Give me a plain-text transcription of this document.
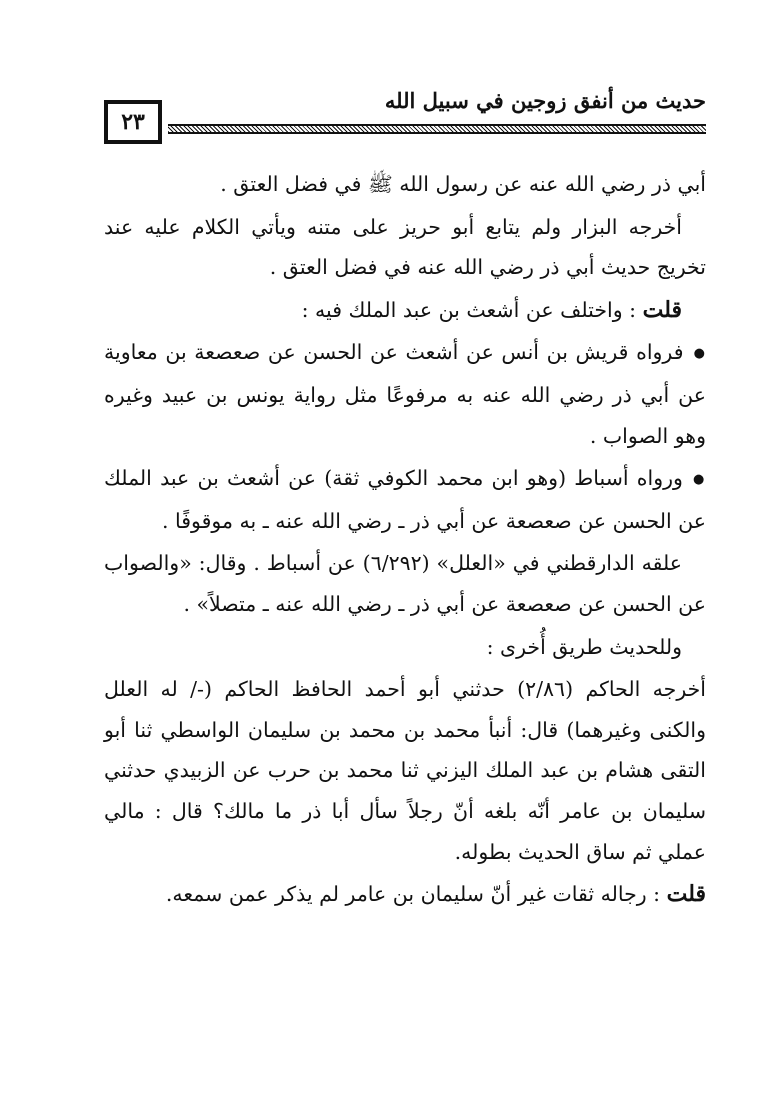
٢٣
حديث من أنفق زوجين في سبيل الله

أبي ذر رضي الله عنه عن رسول الله ﷺ في فضل العتق .

أخرجه البزار ولم يتابع أبو حريز على متنه ويأتي الكلام عليه عند تخريج حديث أبي ذر رضي الله عنه في فضل العتق .

قلت : واختلف عن أشعث بن عبد الملك فيه :

● فرواه قريش بن أنس عن أشعث عن الحسن عن صعصعة بن معاوية عن أبي ذر رضي الله عنه به مرفوعًا مثل رواية يونس بن عبيد وغيره وهو الصواب .

● ورواه أسباط (وهو ابن محمد الكوفي ثقة) عن أشعث بن عبد الملك عن الحسن عن صعصعة عن أبي ذر ـ رضي الله عنه ـ به موقوفًا .

علقه الدارقطني في «العلل» (٦/٢٩٢) عن أسباط . وقال: «والصواب عن الحسن عن صعصعة عن أبي ذر ـ رضي الله عنه ـ متصلاً» .

وللحديث طريق أُخرى :

أخرجه الحاكم (٢/٨٦) حدثني أبو أحمد الحافظ الحاكم (-/ له العلل والكنى وغيرهما) قال: أنبأ محمد بن محمد بن سليمان الواسطي ثنا أبو التقى هشام بن عبد الملك اليزني ثنا محمد بن حرب عن الزبيدي حدثني سليمان بن عامر أنّه بلغه أنّ رجلاً سأل أبا ذر ما مالك؟ قال : مالي عملي ثم ساق الحديث بطوله.

قلت : رجاله ثقات غير أنّ سليمان بن عامر لم يذكر عمن سمعه.
